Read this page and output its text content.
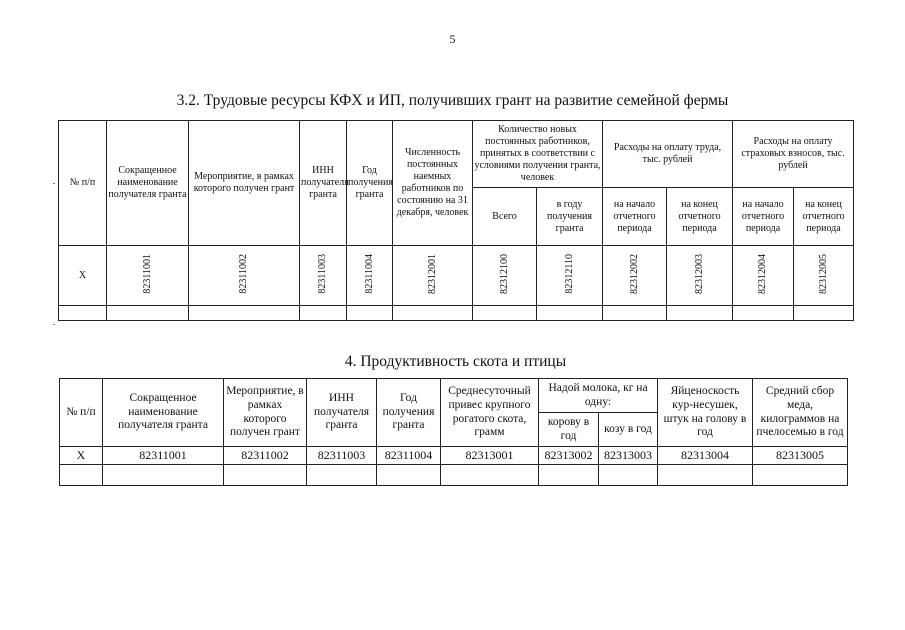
5
3.2. Трудовые ресурсы КФХ и ИП, получивших грант на развитие семейной фермы
№ п/п	Сокращенное наименование получателя гранта	Мероприятие, в рамках которого получен грант	ИНН получателя гранта	Год получения гранта	Численность постоянных наемных работников по состоянию на 31 декабря, человек	Количество новых постоянных работников, принятых в соответствии с условиями получения гранта, человек		Расходы на оплату труда, тыс. рублей		Расходы на оплату страховых взносов, тыс. рублей	
						Всего	в году получения гранта	на начало отчетного периода	на конец отчетного периода	на начало отчетного периода	на конец отчетного периода
Х	82311001	82311002	82311003	82311004	82312001	82312100	82312110	82312002	82312003	82312004	82312005

4. Продуктивность скота и птицы
№ п/п	Сокращенное наименование получателя гранта	Мероприятие, в рамках которого получен грант	ИНН получателя гранта	Год получения гранта	Среднесуточный привес крупного рогатого скота, грамм	Надой молока, кг на одну:		Яйценоскость кур-несушек, штук на голову в год	Средний сбор меда, килограммов на пчелосемью в год
						корову в год	козу в год		
Х	82311001	82311002	82311003	82311004	82313001	82313002	82313003	82313004	82313005
